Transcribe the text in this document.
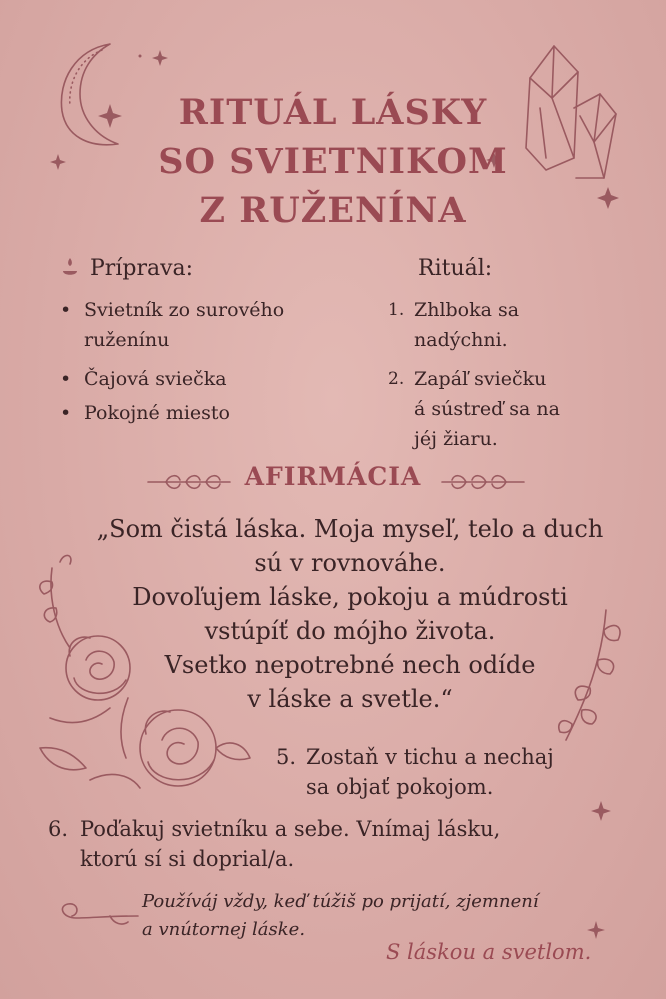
RITUÁL LÁSKY
SO SVIETNIKOM
Z RUŽENÍNA
Príprava:
• Svietník zo surového
ruženínu
• Čajová sviečka
• Pokojné miesto
Rituál:
1. Zhlboka sa
nadýchni.
2. Zapáľ sviečku
á sústreď sa na
jéj žiaru.
AFIRMÁCIA
„Som čistá láska. Moja myseľ, telo a duch
sú v rovnováhe.
Dovoľujem láske, pokoju a múdrosti
vstúpíť do mójho života.
Vsetko nepotrebné nech odíde
v láske a svetle.“
5. Zostaň v tichu a nechaj
sa objať pokojom.
6. Poďakuj svietníku a sebe. Vnímaj lásku,
ktorú sí si doprial/a.
Používáj vždy, keď túžiš po prijatí, zjemnení
a vnútornej láske.
S láskou a svetlom.
